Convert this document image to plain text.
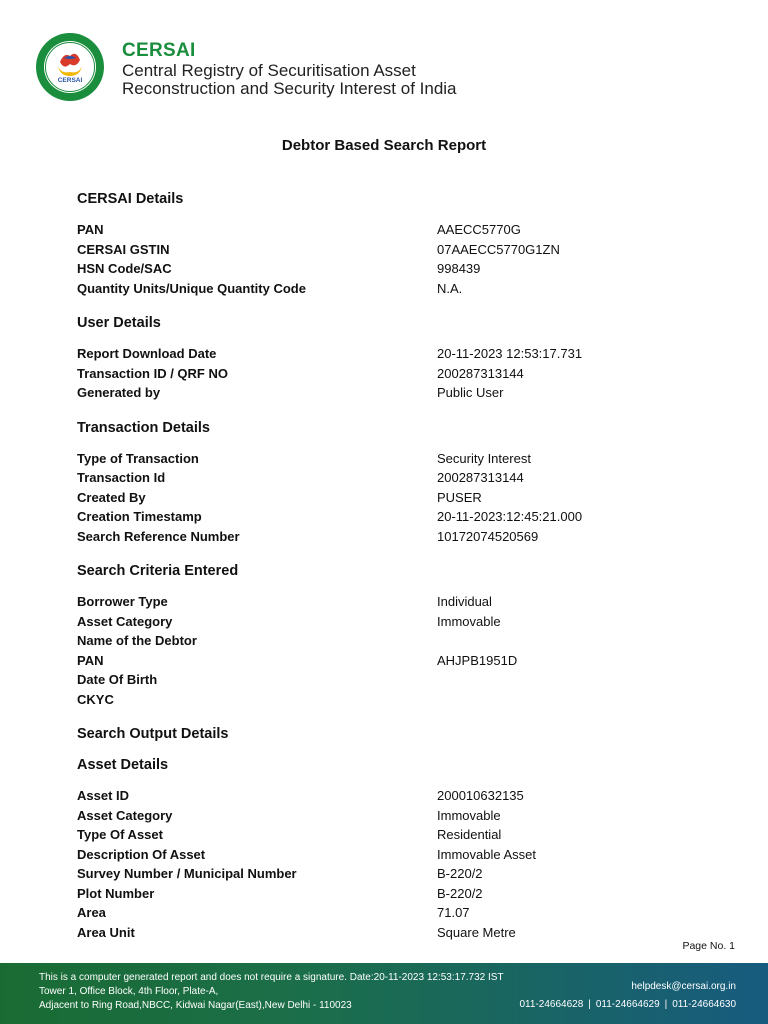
CERSAI
CERSAI
Central Registry of Securitisation Asset
Reconstruction and Security Interest of India
Debtor Based Search Report
CERSAI Details
PAN	AAECC5770G
CERSAI GSTIN	07AAECC5770G1ZN
HSN Code/SAC	998439
Quantity Units/Unique Quantity Code	N.A.
User Details
Report Download Date	20-11-2023 12:53:17.731
Transaction ID / QRF NO	200287313144
Generated by	Public User
Transaction Details
Type of Transaction	Security Interest
Transaction Id	200287313144
Created By	PUSER
Creation Timestamp	20-11-2023:12:45:21.000
Search Reference Number	10172074520569
Search Criteria Entered
Borrower Type	Individual
Asset Category	Immovable
Name of the Debtor
PAN	AHJPB1951D
Date Of Birth
CKYC
Search Output Details
Asset Details
Asset ID	200010632135
Asset Category	Immovable
Type Of Asset	Residential
Description Of Asset	Immovable Asset
Survey Number / Municipal Number	B-220/2
Plot Number	B-220/2
Area	71.07
Area Unit	Square Metre
Page No. 1
This is a computer generated report and does not require a signature. Date:20-11-2023 12:53:17.732 IST
Tower 1, Office Block, 4th Floor, Plate-A,
Adjacent to Ring Road,NBCC, Kidwai Nagar(East),New Delhi - 110023
helpdesk@cersai.org.in
011-24664628 | 011-24664629 | 011-24664630
